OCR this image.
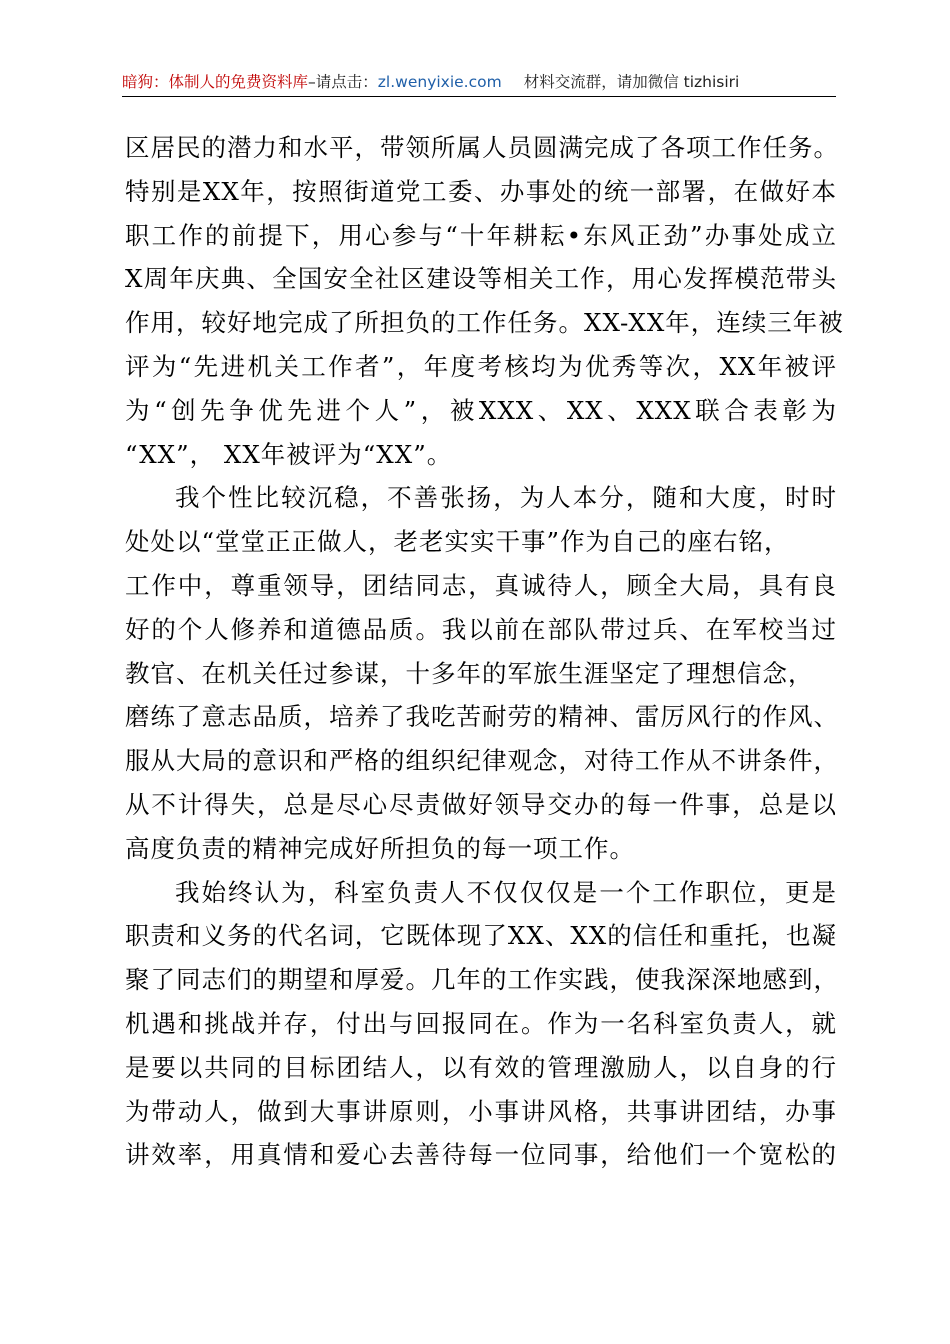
暗狗：体制人的免费资料库–请点击：zl.wenyixie.com 材料交流群，请加微信 tizhisiri
区居民的潜力和水平，带领所属人员圆满完成了各项工作任务。
特别是XX年，按照街道党工委、办事处的统一部署，在做好本
职工作的前提下，用心参与“十年耕耘•东风正劲”办事处成立
X周年庆典、全国安全社区建设等相关工作，用心发挥模范带头
作用，较好地完成了所担负的工作任务。XX-XX年，连续三年被
评为“先进机关工作者”，年度考核均为优秀等次，XX年被评
为“创先争优先进个人”，被XXX、XX、XXX联合表彰为
“XX”， XX年被评为“XX”。
我个性比较沉稳，不善张扬，为人本分，随和大度，时时
处处以“堂堂正正做人，老老实实干事”作为自己的座右铭，
工作中，尊重领导，团结同志，真诚待人，顾全大局，具有良
好的个人修养和道德品质。我以前在部队带过兵、在军校当过
教官、在机关任过参谋，十多年的军旅生涯坚定了理想信念，
磨练了意志品质，培养了我吃苦耐劳的精神、雷厉风行的作风、
服从大局的意识和严格的组织纪律观念，对待工作从不讲条件，
从不计得失，总是尽心尽责做好领导交办的每一件事，总是以
高度负责的精神完成好所担负的每一项工作。
我始终认为，科室负责人不仅仅仅是一个工作职位，更是
职责和义务的代名词，它既体现了XX、XX的信任和重托，也凝
聚了同志们的期望和厚爱。几年的工作实践，使我深深地感到，
机遇和挑战并存，付出与回报同在。作为一名科室负责人，就
是要以共同的目标团结人，以有效的管理激励人，以自身的行
为带动人，做到大事讲原则，小事讲风格，共事讲团结，办事
讲效率，用真情和爱心去善待每一位同事，给他们一个宽松的
